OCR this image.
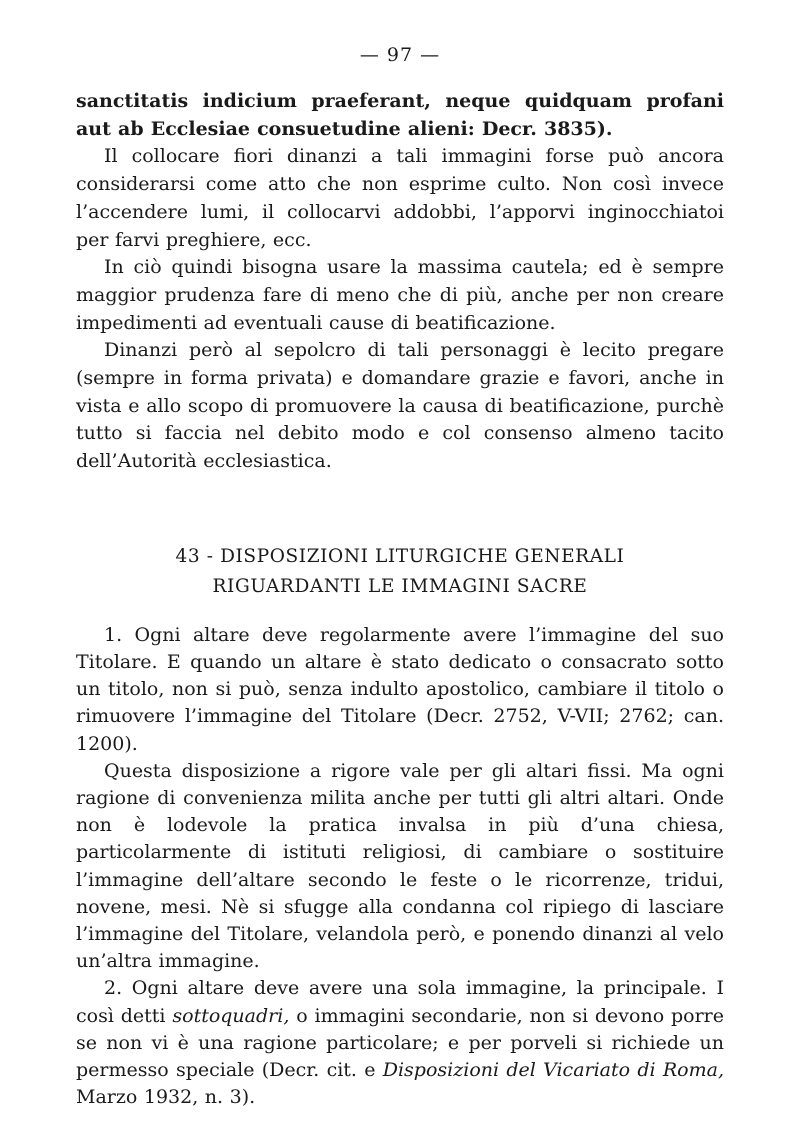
— 97 —

sanctitatis indicium praeferant, neque quidquam profani aut ab Ecclesiae consuetudine alieni: Decr. 3835).

Il collocare fiori dinanzi a tali immagini forse può ancora considerarsi come atto che non esprime culto. Non così invece l’accendere lumi, il collocarvi addobbi, l’apporvi inginocchiatoi per farvi preghiere, ecc.

In ciò quindi bisogna usare la massima cautela; ed è sempre maggior prudenza fare di meno che di più, anche per non creare impedimenti ad eventuali cause di beatificazione.

Dinanzi però al sepolcro di tali personaggi è lecito pregare (sempre in forma privata) e domandare grazie e favori, anche in vista e allo scopo di promuovere la causa di beatificazione, purchè tutto si faccia nel debito modo e col consenso almeno tacito dell’Autorità ecclesiastica.

43 - DISPOSIZIONI LITURGICHE GENERALI
RIGUARDANTI LE IMMAGINI SACRE

1. Ogni altare deve regolarmente avere l’immagine del suo Titolare. E quando un altare è stato dedicato o consacrato sotto un titolo, non si può, senza indulto apostolico, cambiare il titolo o rimuovere l’immagine del Titolare (Decr. 2752, V-VII; 2762; can. 1200).

Questa disposizione a rigore vale per gli altari fissi. Ma ogni ragione di convenienza milita anche per tutti gli altri altari. Onde non è lodevole la pratica invalsa in più d’una chiesa, particolarmente di istituti religiosi, di cambiare o sostituire l’immagine dell’altare secondo le feste o le ricorrenze, tridui, novene, mesi. Nè si sfugge alla condanna col ripiego di lasciare l’immagine del Titolare, velandola però, e ponendo dinanzi al velo un’altra immagine.

2. Ogni altare deve avere una sola immagine, la principale. I così detti sottoquadri, o immagini secondarie, non si devono porre se non vi è una ragione particolare; e per porveli si richiede un permesso speciale (Decr. cit. e Disposizioni del Vicariato di Roma, Marzo 1932, n. 3).
